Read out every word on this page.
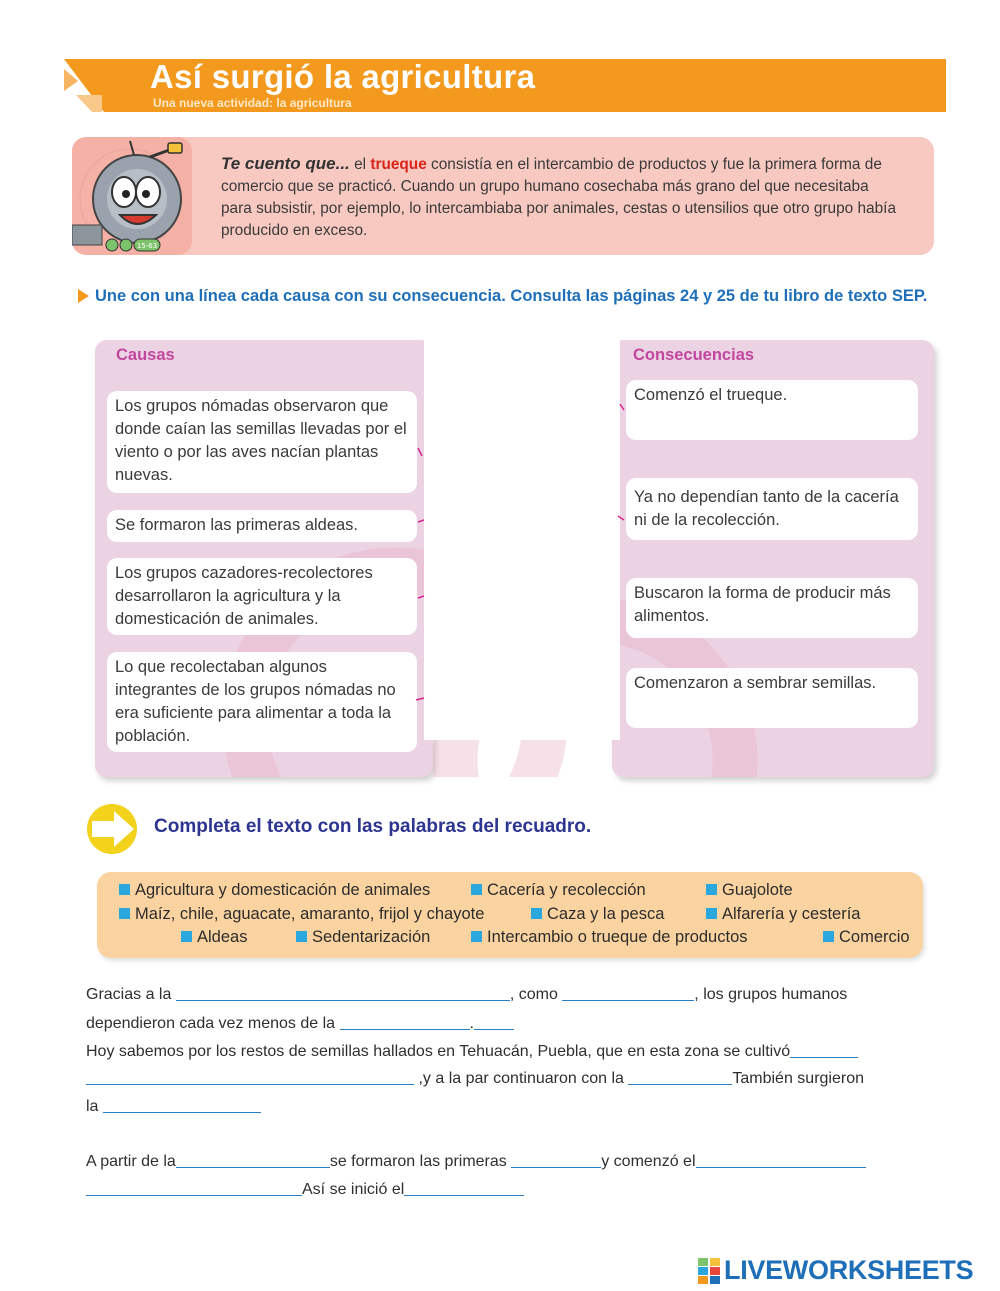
Así surgió la agricultura
Una nueva actividad: la agricultura
15-63
Te cuento que... el trueque consistía en el intercambio de productos y fue la primera forma de comercio que se practicó. Cuando un grupo humano cosechaba más grano del que necesitaba para subsistir, por ejemplo, lo intercambiaba por animales, cestas o utensilios que otro grupo había producido en exceso.
Une con una línea cada causa con su consecuencia. Consulta las páginas 24 y 25 de tu libro de texto SEP.
Causas	Consecuencias
Los grupos nómadas observaron que donde caían las semillas llevadas por el viento o por las aves nacían plantas nuevas.
Se formaron las primeras aldeas.
Los grupos cazadores-recolectores desarrollaron la agricultura y la domesticación de animales.
Lo que recolectaban algunos integrantes de los grupos nómadas no era suficiente para alimentar a toda la población.
Comenzó el trueque.
Ya no dependían tanto de la cacería ni de la recolección.
Buscaron la forma de producir más alimentos.
Comenzaron a sembrar semillas.
Completa el texto con las palabras del recuadro.
Agricultura y domesticación de animales	Cacería y recolección	Guajolote
Maíz, chile, aguacate, amaranto, frijol y chayote	Caza y la pesca	Alfarería y cestería
Aldeas	Sedentarización	Intercambio o trueque de productos	Comercio
Gracias a la	, como	, los grupos humanos
dependieron cada vez menos de la	.
Hoy sabemos por los restos de semillas hallados en Tehuacán, Puebla, que en esta zona se cultivó
,y a la par continuaron con la	También surgieron
la
A partir de la	se formaron las primeras	y comenzó el
Así se inició el
LIVEWORKSHEETS
